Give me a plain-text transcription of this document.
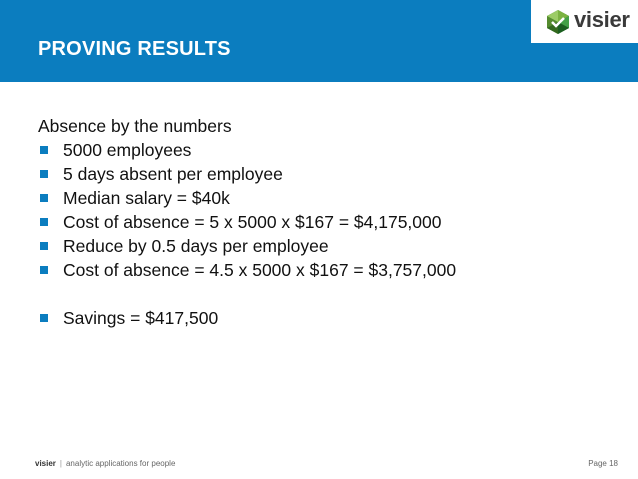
PROVING RESULTS
visier
Absence by the numbers
5000 employees
5 days absent per employee
Median salary = $40k
Cost of absence = 5 x 5000 x $167 = $4,175,000
Reduce by 0.5 days per employee
Cost of absence = 4.5 x 5000 x $167 = $3,757,000
Savings = $417,500
visier | analytic applications for people	Page 18
